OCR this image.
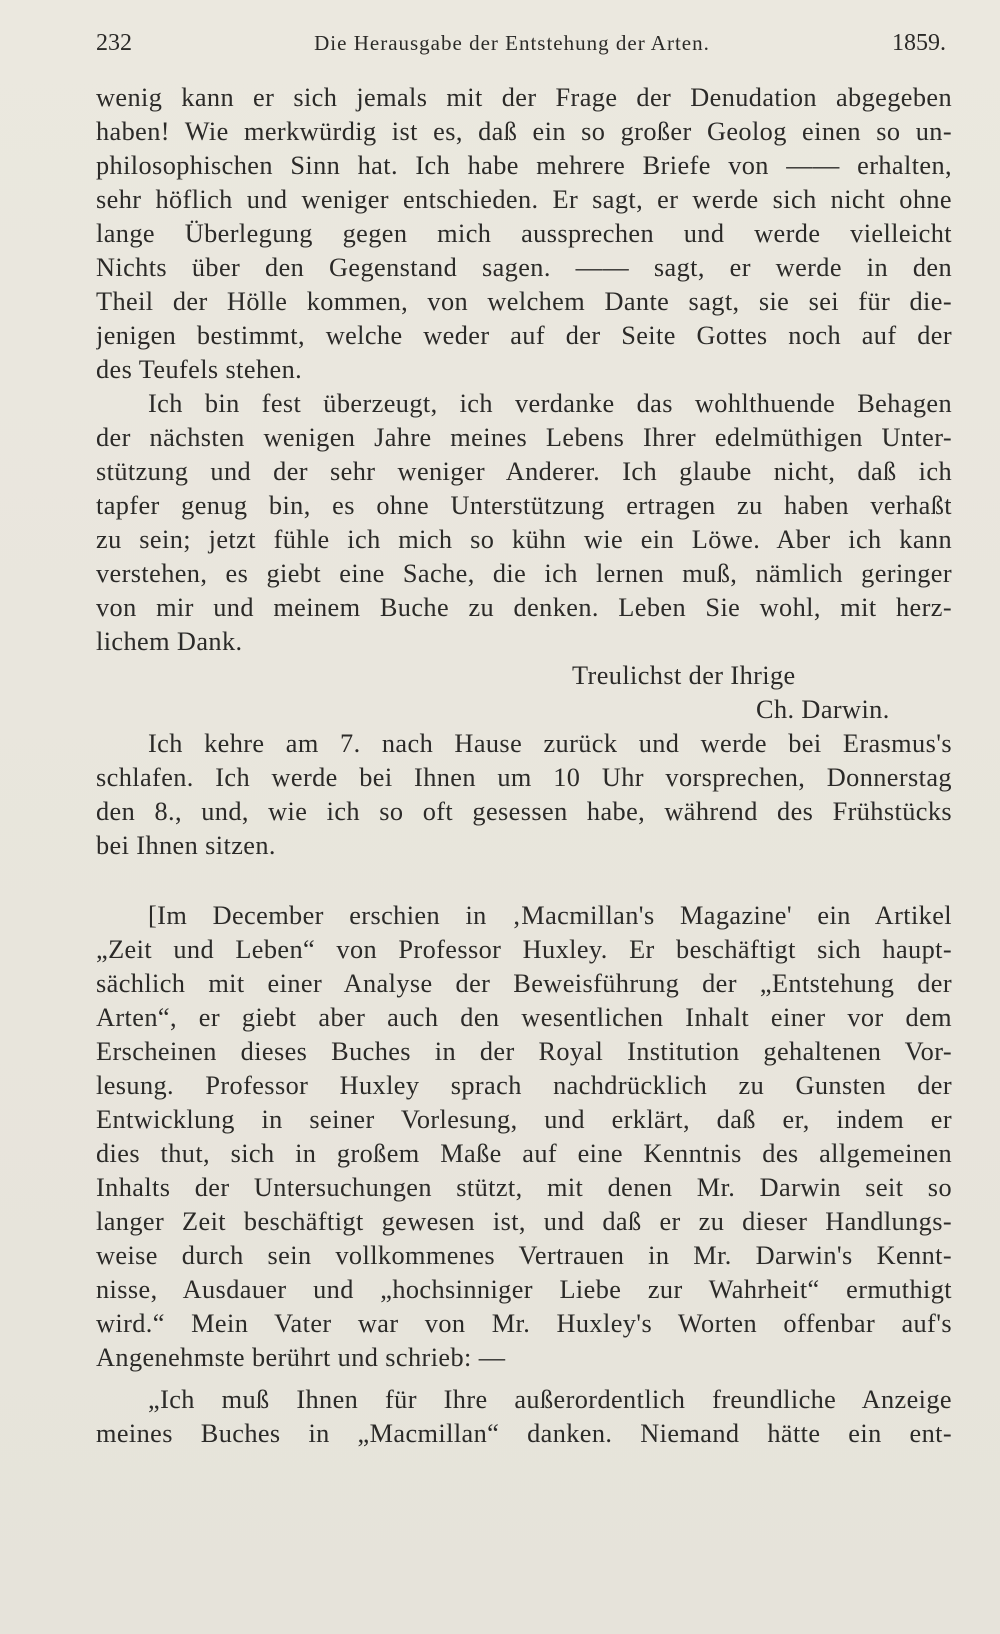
232	Die Herausgabe der Entstehung der Arten.	1859.
wenig kann er sich jemals mit der Frage der Denudation abgegeben
haben! Wie merkwürdig ist es, daß ein so großer Geolog einen so un-
philosophischen Sinn hat. Ich habe mehrere Briefe von —— erhalten,
sehr höflich und weniger entschieden. Er sagt, er werde sich nicht ohne
lange Überlegung gegen mich aussprechen und werde vielleicht
Nichts über den Gegenstand sagen. —— sagt, er werde in den
Theil der Hölle kommen, von welchem Dante sagt, sie sei für die-
jenigen bestimmt, welche weder auf der Seite Gottes noch auf der
des Teufels stehen.
Ich bin fest überzeugt, ich verdanke das wohlthuende Behagen
der nächsten wenigen Jahre meines Lebens Ihrer edelmüthigen Unter-
stützung und der sehr weniger Anderer. Ich glaube nicht, daß ich
tapfer genug bin, es ohne Unterstützung ertragen zu haben verhaßt
zu sein; jetzt fühle ich mich so kühn wie ein Löwe. Aber ich kann
verstehen, es giebt eine Sache, die ich lernen muß, nämlich geringer
von mir und meinem Buche zu denken. Leben Sie wohl, mit herz-
lichem Dank.
Treulichst der Ihrige
Ch. Darwin.
Ich kehre am 7. nach Hause zurück und werde bei Erasmus's
schlafen. Ich werde bei Ihnen um 10 Uhr vorsprechen, Donnerstag
den 8., und, wie ich so oft gesessen habe, während des Frühstücks
bei Ihnen sitzen.
[Im December erschien in ‚Macmillan's Magazine' ein Artikel
„Zeit und Leben“ von Professor Huxley. Er beschäftigt sich haupt-
sächlich mit einer Analyse der Beweisführung der „Entstehung der
Arten“, er giebt aber auch den wesentlichen Inhalt einer vor dem
Erscheinen dieses Buches in der Royal Institution gehaltenen Vor-
lesung. Professor Huxley sprach nachdrücklich zu Gunsten der
Entwicklung in seiner Vorlesung, und erklärt, daß er, indem er
dies thut, sich in großem Maße auf eine Kenntnis des allgemeinen
Inhalts der Untersuchungen stützt, mit denen Mr. Darwin seit so
langer Zeit beschäftigt gewesen ist, und daß er zu dieser Handlungs-
weise durch sein vollkommenes Vertrauen in Mr. Darwin's Kennt-
nisse, Ausdauer und „hochsinniger Liebe zur Wahrheit“ ermuthigt
wird.“ Mein Vater war von Mr. Huxley's Worten offenbar auf's
Angenehmste berührt und schrieb: —
„Ich muß Ihnen für Ihre außerordentlich freundliche Anzeige
meines Buches in „Macmillan“ danken. Niemand hätte ein ent-
